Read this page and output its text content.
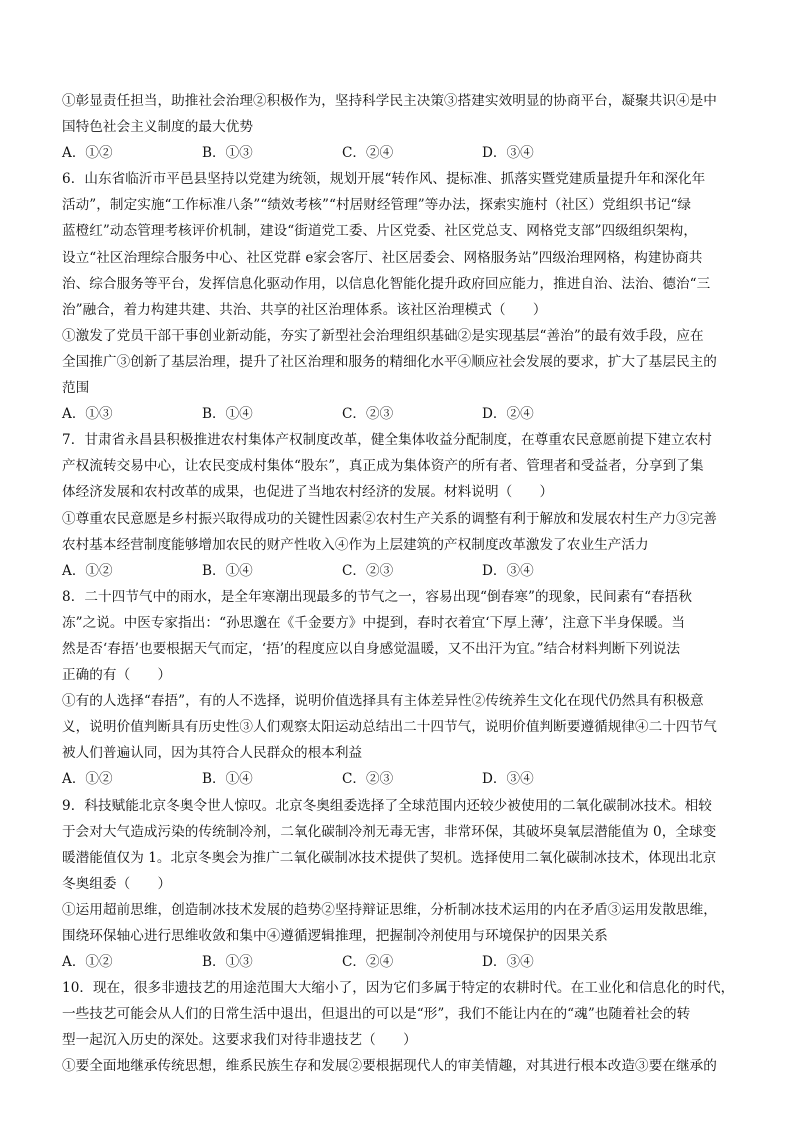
①彰显责任担当，助推社会治理②积极作为，坚持科学民主决策③搭建实效明显的协商平台，凝聚共识④是中
国特色社会主义制度的最大优势
A．①②	B．①③	C．②④	D．③④
6．山东省临沂市平邑县坚持以党建为统领，规划开展“转作风、提标准、抓落实暨党建质量提升年和深化年
活动”，制定实施“工作标准八条”“绩效考核”“村居财经管理”等办法，探索实施村（社区）党组织书记“绿
蓝橙红”动态管理考核评价机制，建设“街道党工委、片区党委、社区党总支、网格党支部”四级组织架构，
设立“社区治理综合服务中心、社区党群 e家会客厅、社区居委会、网格服务站”四级治理网格，构建协商共
治、综合服务等平台，发挥信息化驱动作用，以信息化智能化提升政府回应能力，推进自治、法治、德治“三
治”融合，着力构建共建、共治、共享的社区治理体系。该社区治理模式（　　）
①激发了党员干部干事创业新动能，夯实了新型社会治理组织基础②是实现基层“善治”的最有效手段，应在
全国推广③创新了基层治理，提升了社区治理和服务的精细化水平④顺应社会发展的要求，扩大了基层民主的
范围
A．①③	B．①④	C．②③	D．②④
7．甘肃省永昌县积极推进农村集体产权制度改革，健全集体收益分配制度，在尊重农民意愿前提下建立农村
产权流转交易中心，让农民变成村集体“股东”，真正成为集体资产的所有者、管理者和受益者，分享到了集
体经济发展和农村改革的成果，也促进了当地农村经济的发展。材料说明（　　）
①尊重农民意愿是乡村振兴取得成功的关键性因素②农村生产关系的调整有利于解放和发展农村生产力③完善
农村基本经营制度能够增加农民的财产性收入④作为上层建筑的产权制度改革激发了农业生产活力
A．①②	B．①④	C．②③	D．③④
8．二十四节气中的雨水，是全年寒潮出现最多的节气之一，容易出现“倒春寒”的现象，民间素有“春捂秋
冻”之说。中医专家指出：“孙思邈在《千金要方》中提到，春时衣着宜‘下厚上薄’，注意下半身保暖。当
然是否‘春捂’也要根据天气而定，‘捂’的程度应以自身感觉温暖，又不出汗为宜。”结合材料判断下列说法
正确的有（　　）
①有的人选择“春捂”，有的人不选择，说明价值选择具有主体差异性②传统养生文化在现代仍然具有积极意
义，说明价值判断具有历史性③人们观察太阳运动总结出二十四节气，说明价值判断要遵循规律④二十四节气
被人们普遍认同，因为其符合人民群众的根本利益
A．①②	B．①④	C．②③	D．③④
9．科技赋能北京冬奥令世人惊叹。北京冬奥组委选择了全球范围内还较少被使用的二氧化碳制冰技术。相较
于会对大气造成污染的传统制冷剂，二氧化碳制冷剂无毒无害，非常环保，其破坏臭氧层潜能值为 0，全球变
暖潜能值仅为 1。北京冬奥会为推广二氧化碳制冰技术提供了契机。选择使用二氧化碳制冰技术，体现出北京
冬奥组委（　　）
①运用超前思维，创造制冰技术发展的趋势②坚持辩证思维，分析制冰技术运用的内在矛盾③运用发散思维，
围绕环保轴心进行思维收敛和集中④遵循逻辑推理，把握制冷剂使用与环境保护的因果关系
A．①②	B．①③	C．②④	D．③④
10．现在，很多非遗技艺的用途范围大大缩小了，因为它们多属于特定的农耕时代。在工业化和信息化的时代，
一些技艺可能会从人们的日常生活中退出，但退出的可以是“形”，我们不能让内在的“魂”也随着社会的转
型一起沉入历史的深处。这要求我们对待非遗技艺（　　）
①要全面地继承传统思想，维系民族生存和发展②要根据现代人的审美情趣，对其进行根本改造③要在继承的
